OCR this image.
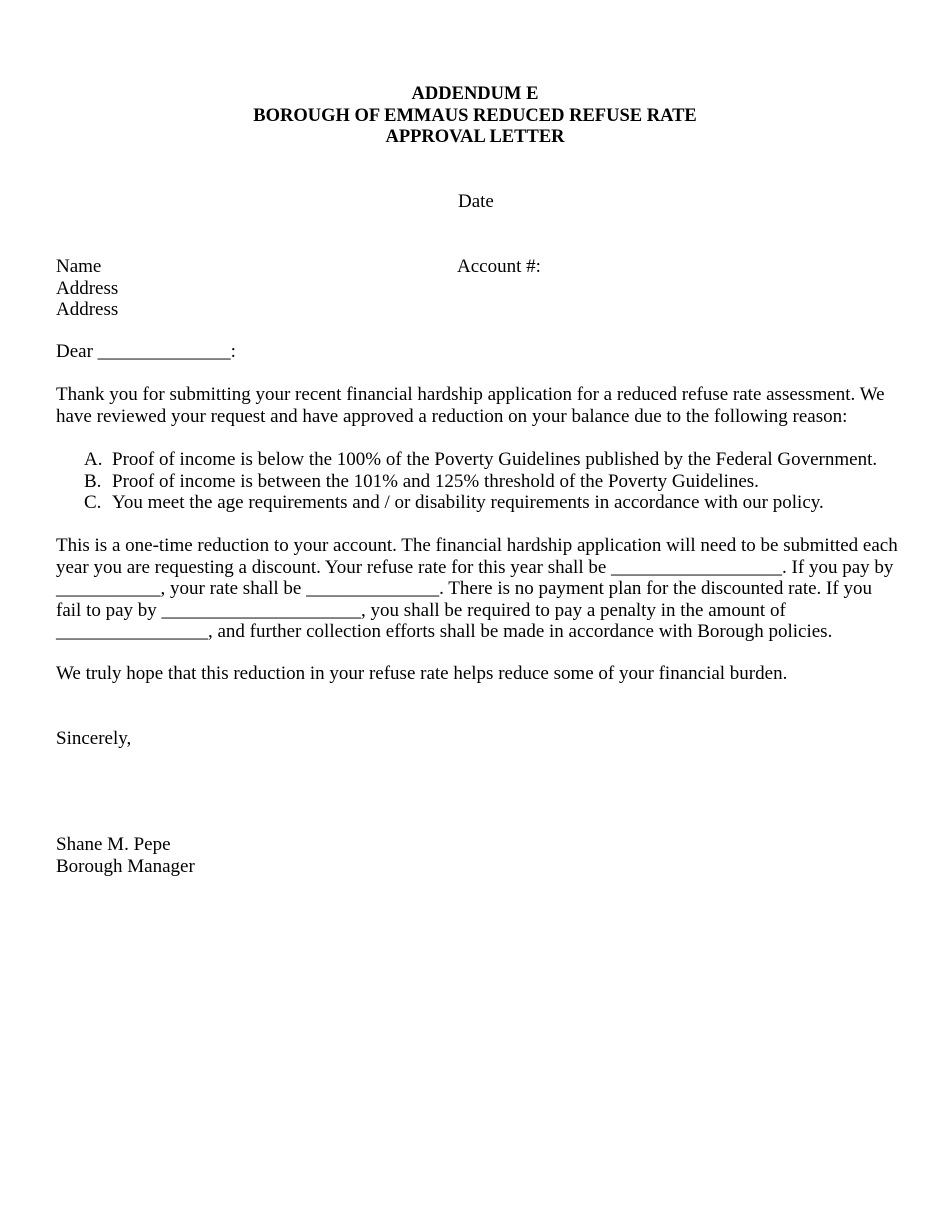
ADDENDUM E
BOROUGH OF EMMAUS REDUCED REFUSE RATE
APPROVAL LETTER
Date
Name
Address
Address
Account #:
Dear ______________:
Thank you for submitting your recent financial hardship application for a reduced refuse rate assessment. We
have reviewed your request and have approved a reduction on your balance due to the following reason:
A. Proof of income is below the 100% of the Poverty Guidelines published by the Federal Government.
B. Proof of income is between the 101% and 125% threshold of the Poverty Guidelines.
C. You meet the age requirements and / or disability requirements in accordance with our policy.
This is a one-time reduction to your account. The financial hardship application will need to be submitted each
year you are requesting a discount. Your refuse rate for this year shall be __________________. If you pay by
___________, your rate shall be ______________. There is no payment plan for the discounted rate. If you
fail to pay by _____________________, you shall be required to pay a penalty in the amount of
________________, and further collection efforts shall be made in accordance with Borough policies.
We truly hope that this reduction in your refuse rate helps reduce some of your financial burden.
Sincerely,
Shane M. Pepe
Borough Manager
